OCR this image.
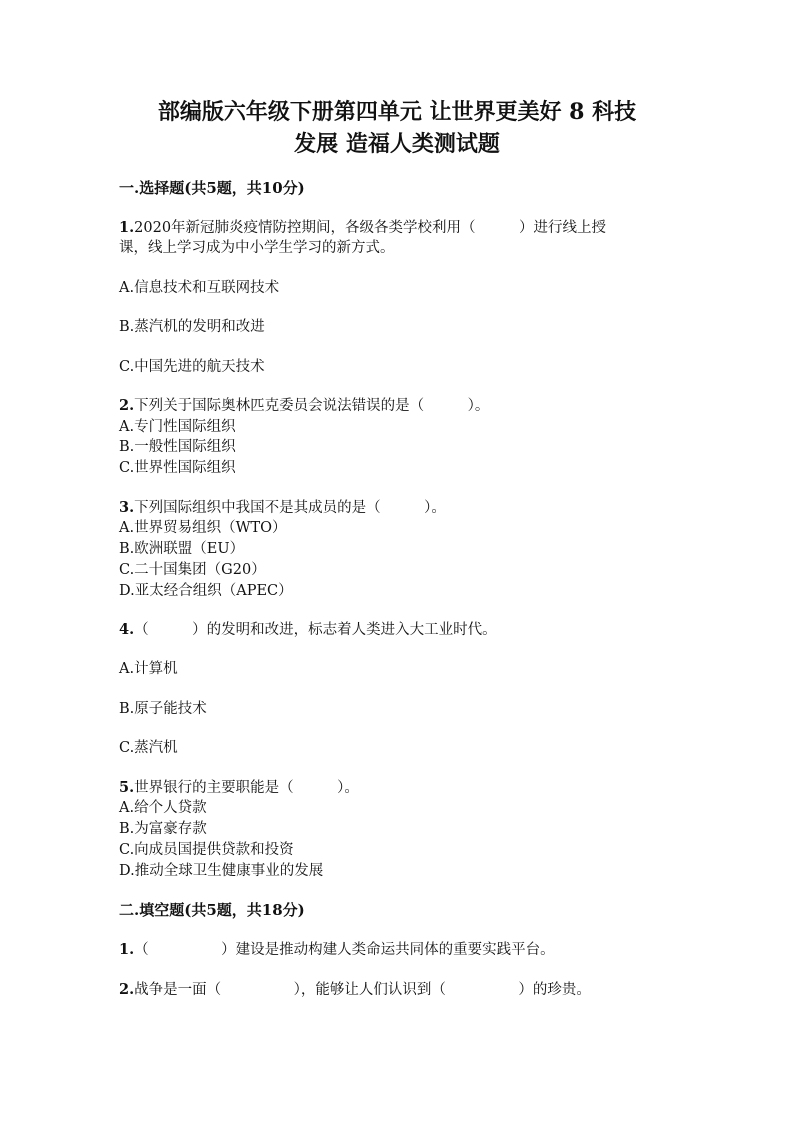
部编版六年级下册第四单元 让世界更美好 8 科技
发展 造福人类测试题
一.选择题(共5题，共10分)
1.2020年新冠肺炎疫情防控期间，各级各类学校利用（　　　）进行线上授
课，线上学习成为中小学生学习的新方式。
A.信息技术和互联网技术
B.蒸汽机的发明和改进
C.中国先进的航天技术
2.下列关于国际奥林匹克委员会说法错误的是（　　　）。
A.专门性国际组织
B.一般性国际组织
C.世界性国际组织
3.下列国际组织中我国不是其成员的是（　　　）。
A.世界贸易组织（WTO）
B.欧洲联盟（EU）
C.二十国集团（G20）
D.亚太经合组织（APEC）
4.（　　　）的发明和改进，标志着人类进入大工业时代。
A.计算机
B.原子能技术
C.蒸汽机
5.世界银行的主要职能是（　　　）。
A.给个人贷款
B.为富豪存款
C.向成员国提供贷款和投资
D.推动全球卫生健康事业的发展
二.填空题(共5题，共18分)
1.（　　　　　）建设是推动构建人类命运共同体的重要实践平台。
2.战争是一面（　　　　　），能够让人们认识到（　　　　　）的珍贵。
